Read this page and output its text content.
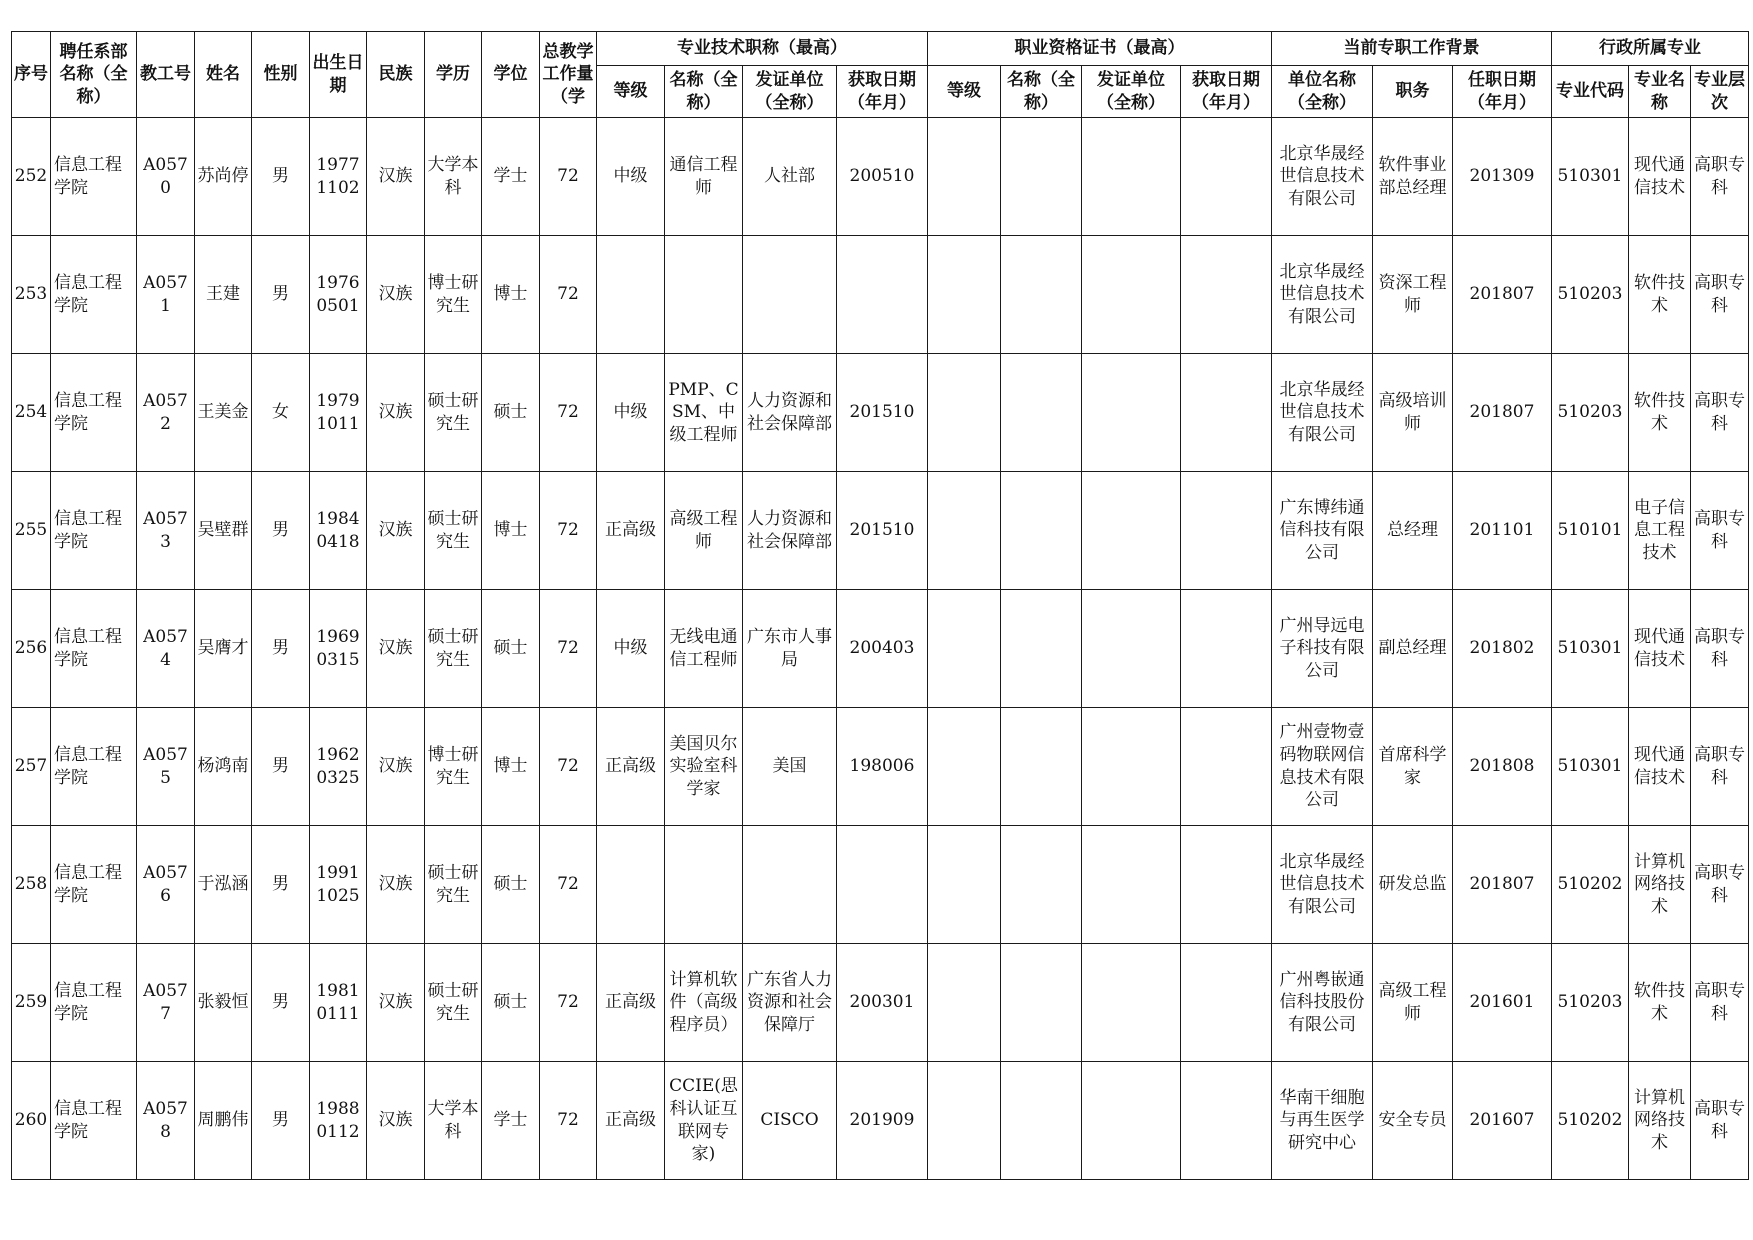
序号	聘任系部名称（全称）	教工号	姓名	性别	出生日期	民族	学历	学位	总教学工作量（学	专业技术职称（最高）				职业资格证书（最高）				当前专职工作背景			行政所属专业		
										等级	名称（全称）	发证单位（全称）	获取日期（年月）	等级	名称（全称）	发证单位（全称）	获取日期（年月）	单位名称（全称）	职务	任职日期（年月）	专业代码	专业名称	专业层次
252	信息工程学院	A0570	苏尚停	男	19771102	汉族	大学本科	学士	72	中级	通信工程师	人社部	200510					北京华晟经世信息技术有限公司	软件事业部总经理	201309	510301	现代通信技术	高职专科
253	信息工程学院	A0571	王建	男	19760501	汉族	博士研究生	博士	72									北京华晟经世信息技术有限公司	资深工程师	201807	510203	软件技术	高职专科
254	信息工程学院	A0572	王美金	女	19791011	汉族	硕士研究生	硕士	72	中级	PMP、CSM、中级工程师	人力资源和社会保障部	201510					北京华晟经世信息技术有限公司	高级培训师	201807	510203	软件技术	高职专科
255	信息工程学院	A0573	吴壁群	男	19840418	汉族	硕士研究生	博士	72	正高级	高级工程师	人力资源和社会保障部	201510					广东博纬通信科技有限公司	总经理	201101	510101	电子信息工程技术	高职专科
256	信息工程学院	A0574	吴膺才	男	19690315	汉族	硕士研究生	硕士	72	中级	无线电通信工程师	广东市人事局	200403					广州导远电子科技有限公司	副总经理	201802	510301	现代通信技术	高职专科
257	信息工程学院	A0575	杨鸿南	男	19620325	汉族	博士研究生	博士	72	正高级	美国贝尔实验室科学家	美国	198006					广州壹物壹码物联网信息技术有限公司	首席科学家	201808	510301	现代通信技术	高职专科
258	信息工程学院	A0576	于泓涵	男	19911025	汉族	硕士研究生	硕士	72									北京华晟经世信息技术有限公司	研发总监	201807	510202	计算机网络技术	高职专科
259	信息工程学院	A0577	张毅恒	男	19810111	汉族	硕士研究生	硕士	72	正高级	计算机软件（高级程序员）	广东省人力资源和社会保障厅	200301					广州粤嵌通信科技股份有限公司	高级工程师	201601	510203	软件技术	高职专科
260	信息工程学院	A0578	周鹏伟	男	19880112	汉族	大学本科	学士	72	正高级	CCIE(思科认证互联网专家)	CISCO	201909					华南干细胞与再生医学研究中心	安全专员	201607	510202	计算机网络技术	高职专科
